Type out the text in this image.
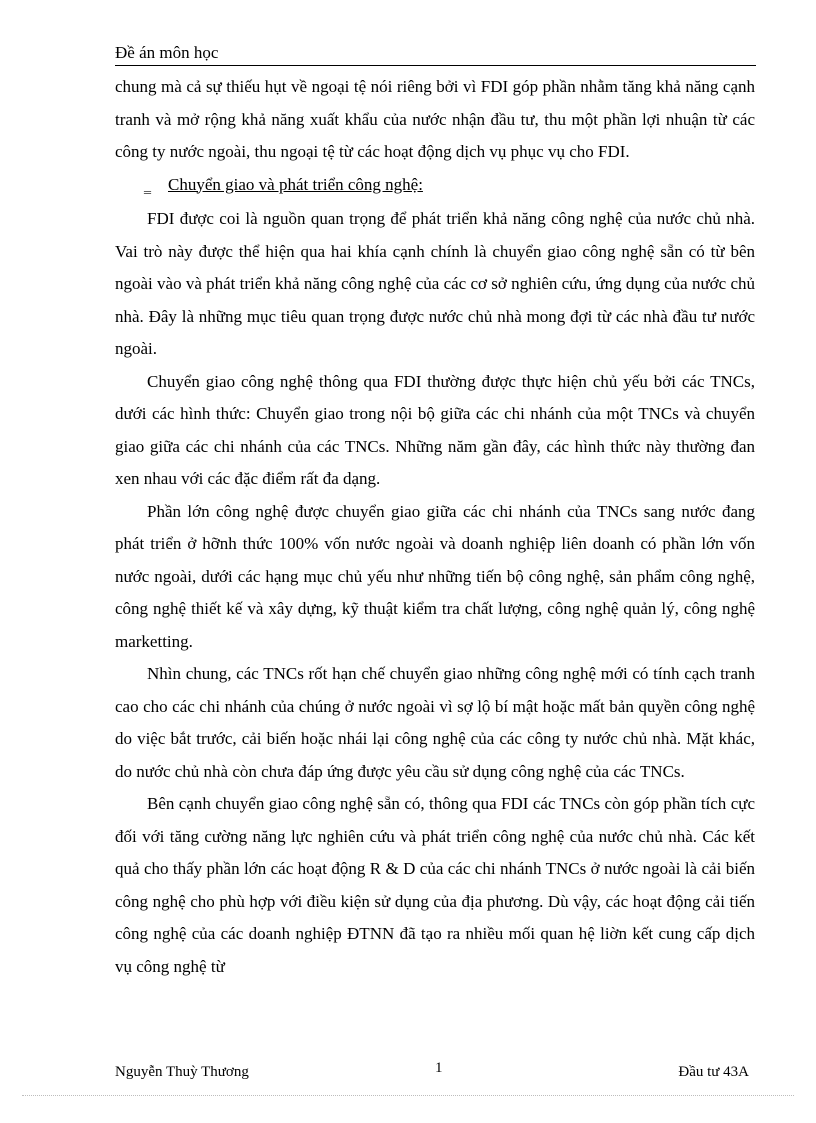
Đề án môn học

chung mà cả sự thiếu hụt về ngoại tệ nói riêng bởi vì FDI góp phần nhằm tăng khả năng cạnh tranh và mở rộng khả năng xuất khẩu của nước nhận đầu tư, thu một phần lợi nhuận từ các công ty nước ngoài, thu ngoại tệ từ các hoạt động dịch vụ phục vụ cho FDI.

‗ Chuyển giao và phát triển công nghệ:

FDI được coi là nguồn quan trọng để phát triển khả năng công nghệ của nước chủ nhà. Vai trò này được thể hiện qua hai khía cạnh chính là chuyển giao công nghệ sẵn có từ bên ngoài vào và phát triển khả năng công nghệ của các cơ sở nghiên cứu, ứng dụng của nước chủ nhà. Đây là những mục tiêu quan trọng được nước chủ nhà mong đợi từ các nhà đầu tư nước ngoài.

Chuyển giao công nghệ thông qua FDI thường được thực hiện chủ yếu bởi các TNCs, dưới các hình thức: Chuyển giao trong nội bộ giữa các chi nhánh của một TNCs và chuyển giao giữa các chi nhánh của các TNCs. Những năm gần đây, các hình thức này thường đan xen nhau với các đặc điểm rất đa dạng.

Phần lớn công nghệ được chuyển giao giữa các chi nhánh của TNCs sang nước đang phát triển ở hỡnh thức 100% vốn nước ngoài và doanh nghiệp liên doanh có phần lớn vốn nước ngoài, dưới các hạng mục chủ yếu như những tiến bộ công nghệ, sản phẩm công nghệ, công nghệ thiết kế và xây dựng, kỹ thuật kiểm tra chất lượng, công nghệ quản lý, công nghệ marketting.

Nhìn chung, các TNCs rốt hạn chế chuyển giao những công nghệ mới có tính cạch tranh cao cho các chi nhánh của chúng ở nước ngoài vì sợ lộ bí mật hoặc mất bản quyền công nghệ do việc bắt trước, cải biến hoặc nhái lại công nghệ của các công ty nước chủ nhà. Mặt khác, do nước chủ nhà còn chưa đáp ứng được yêu cầu sử dụng công nghệ của các TNCs.

Bên cạnh chuyển giao công nghệ sẵn có, thông qua FDI các TNCs còn góp phần tích cực đối với tăng cường năng lực nghiên cứu và phát triển công nghệ của nước chủ nhà. Các kết quả cho thấy phần lớn các hoạt động R & D của các chi nhánh TNCs ở nước ngoài là cải biến công nghệ cho phù hợp với điều kiện sử dụng của địa phương. Dù vậy, các hoạt động cải tiến công nghệ của các doanh nghiệp ĐTNN đã tạo ra nhiều mối quan hệ liờn kết cung cấp dịch vụ công nghệ từ

Nguyễn Thuỳ Thương	1	Đầu tư 43A
